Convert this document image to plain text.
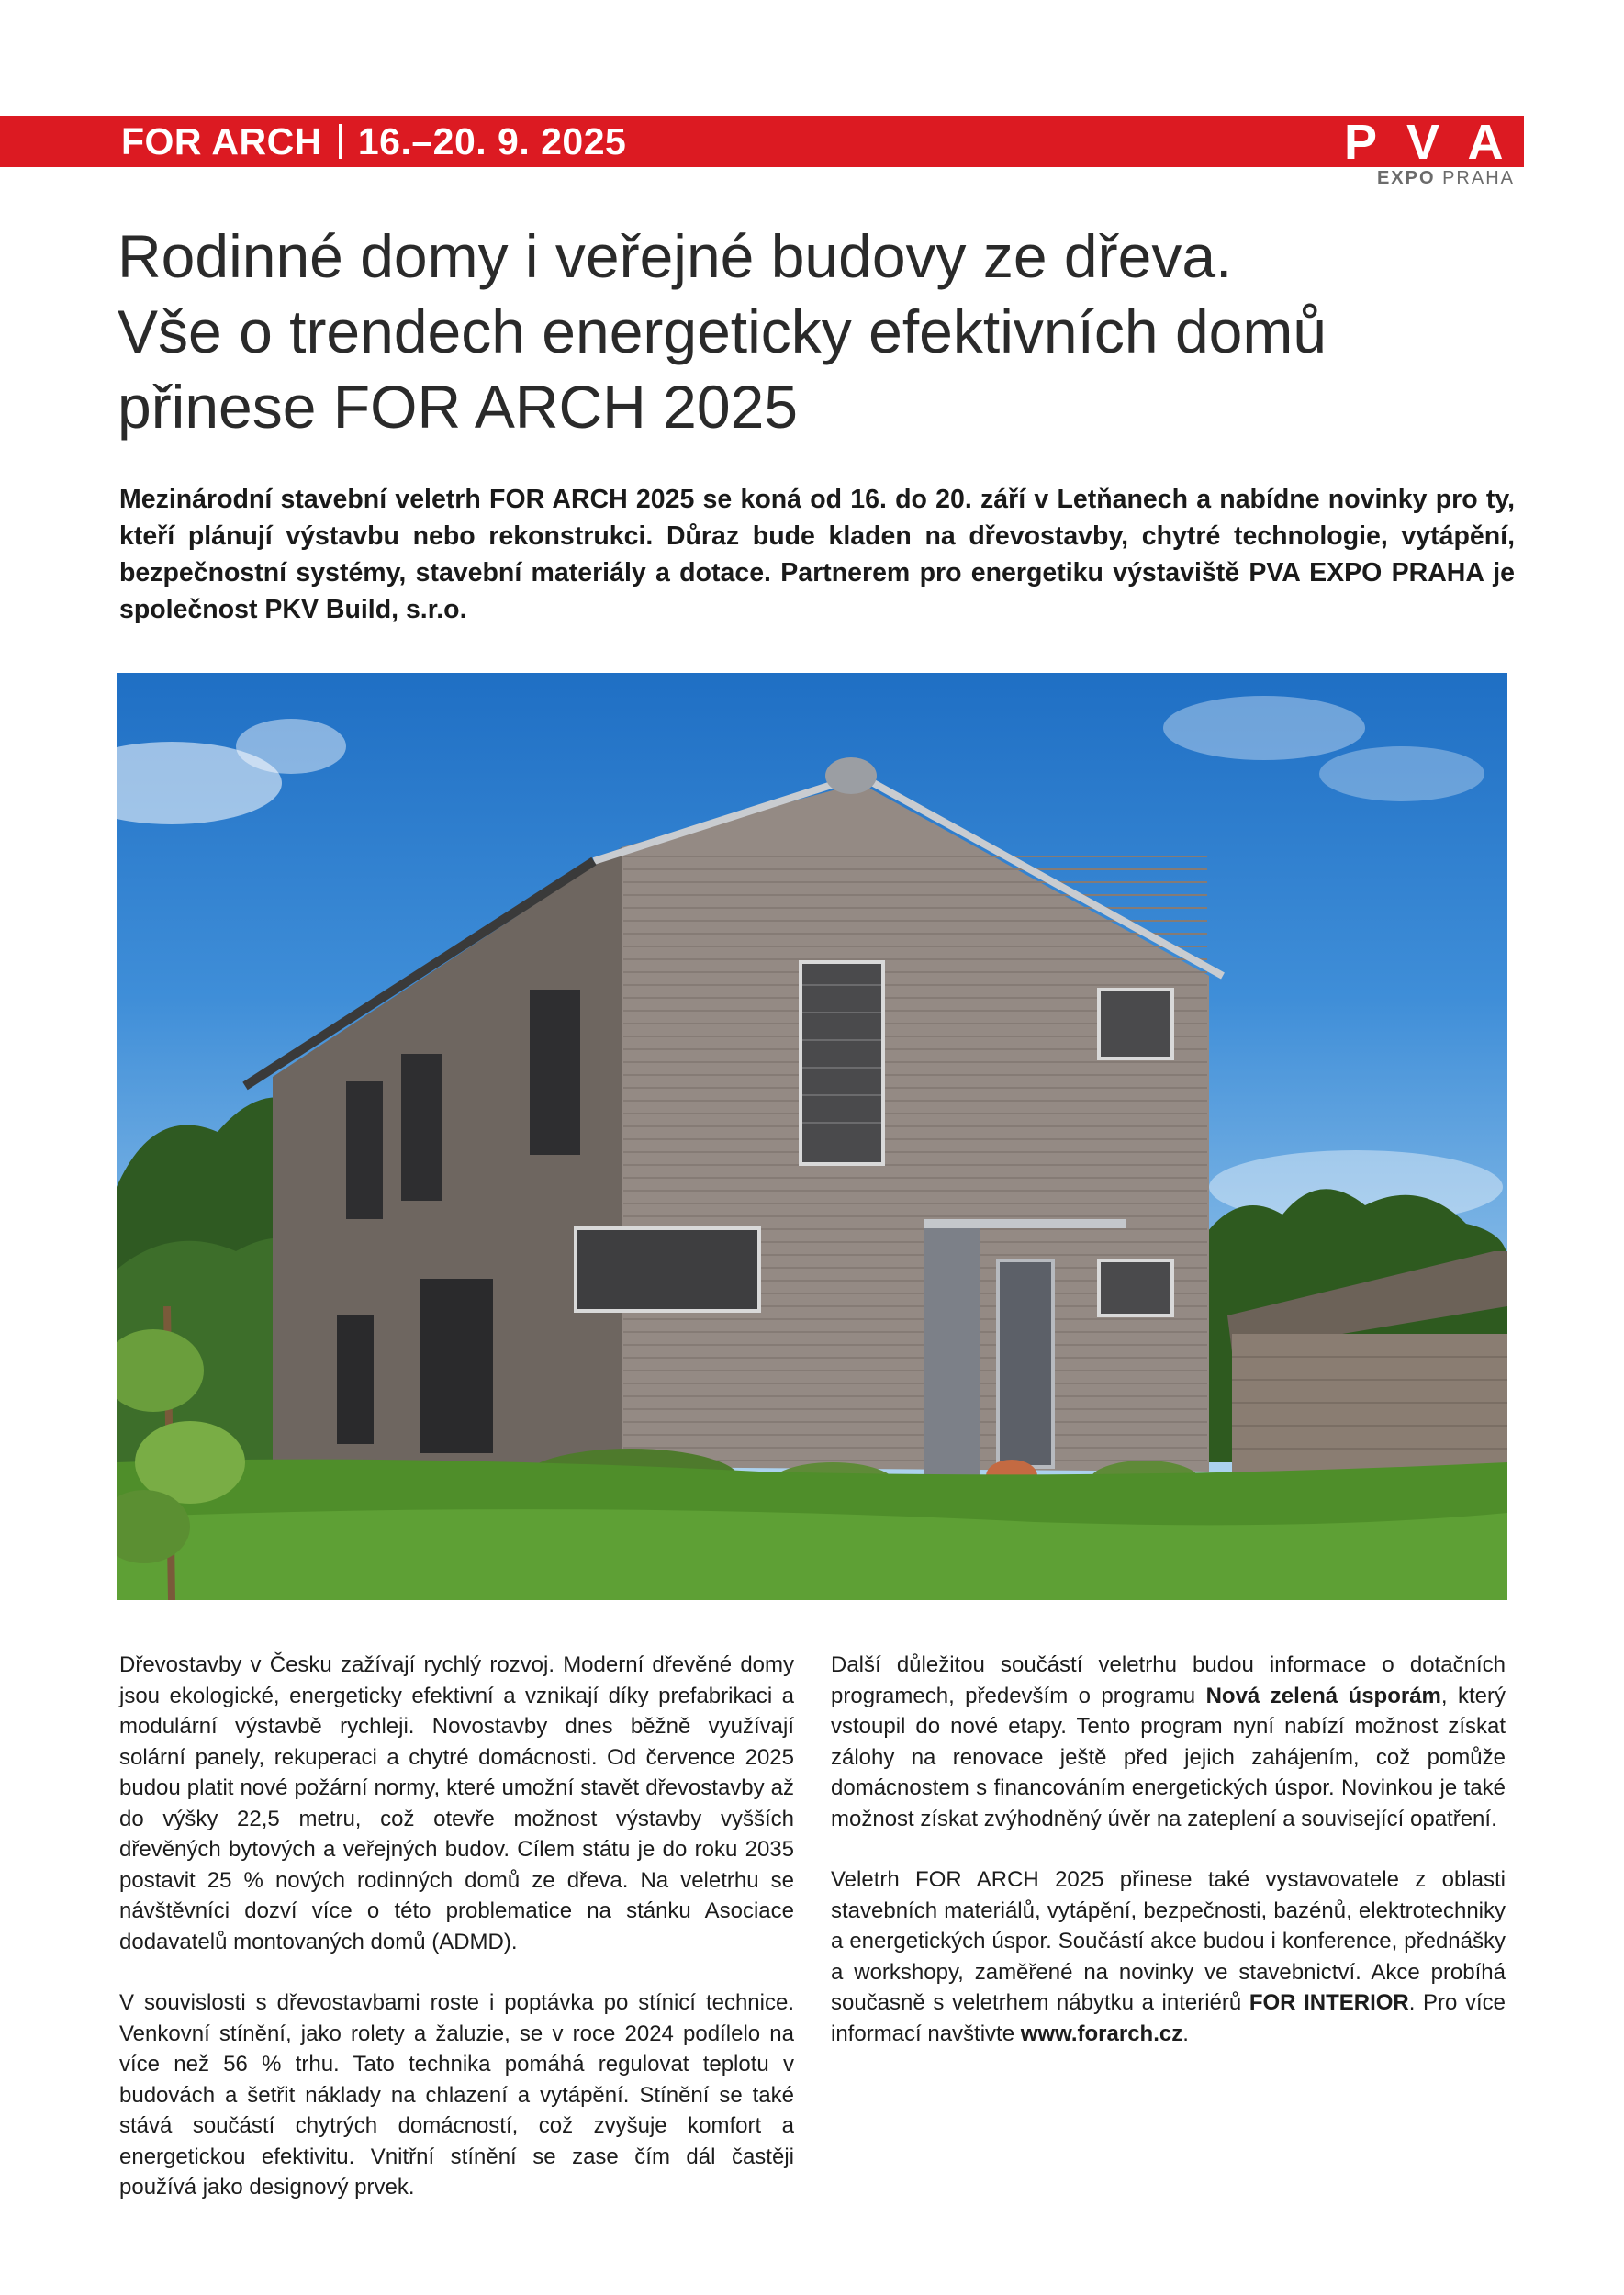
FOR ARCH 16.–20. 9. 2025	P V A
EXPO PRAHA
Rodinné domy i veřejné budovy ze dřeva.
Vše o trendech energeticky efektivních domů
přinese FOR ARCH 2025

Mezinárodní stavební veletrh FOR ARCH 2025 se koná od 16. do 20. září v Letňanech a nabídne novinky pro ty, kteří plánují výstavbu nebo rekonstrukci. Důraz bude kladen na dřevostavby, chytré technologie, vytápění, bezpečnostní systémy, stavební materiály a dotace. Partnerem pro energetiku výstaviště PVA EXPO PRAHA je společnost PKV Build, s.r.o.

Dřevostavby v Česku zažívají rychlý rozvoj. Moderní dřevěné domy jsou ekologické, energeticky efektivní a vznikají díky prefabrikaci a modulární výstavbě rychleji. Novostavby dnes běžně využívají solární panely, rekuperaci a chytré domácnosti. Od července 2025 budou platit nové požární normy, které umožní stavět dřevostavby až do výšky 22,5 metru, což otevře možnost výstavby vyšších dřevěných bytových a veřejných budov. Cílem státu je do roku 2035 postavit 25 % nových rodinných domů ze dřeva. Na veletrhu se návštěvníci dozví více o této problematice na stánku Asociace dodavatelů montovaných domů (ADMD).

V souvislosti s dřevostavbami roste i poptávka po stínicí technice. Venkovní stínění, jako rolety a žaluzie, se v roce 2024 podílelo na více než 56 % trhu. Tato technika pomáhá regulovat teplotu v budovách a šetřit náklady na chlazení a vytápění. Stínění se také stává součástí chytrých domácností, což zvyšuje komfort a energetickou efektivitu. Vnitřní stínění se zase čím dál častěji používá jako designový prvek.

Další důležitou součástí veletrhu budou informace o dotačních programech, především o programu Nová zelená úsporám, který vstoupil do nové etapy. Tento program nyní nabízí možnost získat zálohy na renovace ještě před jejich zahájením, což pomůže domácnostem s financováním energetických úspor. Novinkou je také možnost získat zvýhodněný úvěr na zateplení a související opatření.

Veletrh FOR ARCH 2025 přinese také vystavovatele z oblasti stavebních materiálů, vytápění, bezpečnosti, bazénů, elektrotechniky a energetických úspor. Součástí akce budou i konference, přednášky a workshopy, zaměřené na novinky ve stavebnictví. Akce probíhá současně s veletrhem nábytku a interiérů FOR INTERIOR. Pro více informací navštivte www.forarch.cz.
